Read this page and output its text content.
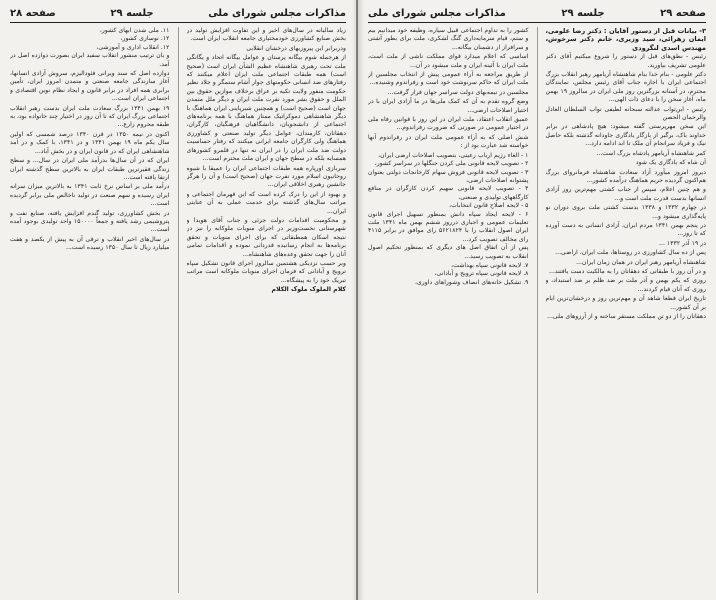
مذاکرات مجلس شورای ملی
جلسه ۲۹
صفحه ۲۸

زیاد سالیانه در سال‌های اخیر و این تفاوت افزایش تولید در بخش صنایع کشاورزی خودمختیاری جامعه انقلاب ایران است.

ودربرابر این پیروزیهای درخشان انقلابی

از هرجمله شوم بیگانه پرستان و عوامل بیگانه اتحاد و یگانگی ملت تحت رهبری شاهنشاه عظیم الشأن ایران است (صحیح است) همه طبقات اجتماعی ملت ایران اعلام میکنند که رفتارهای ضد انسانی حکومتهای جوار آشام ستمگر و جلاد نظیر حکومت منفور ولایت تکیه بر عراق برخلاف موازین حقوق بین الملل و حقوق بشر مورد نفرت ملت ایران و دیگر ملل متمدن جهان است (صحیح است) و همچنین شیرپاینی ایران هماهنگ با دیگر شاهنشاهی دموکراتیک ممتاز هماهنگ با همه برنامه‌های اجتماعی از دانشجویان، دانشگاهیان فرهنگیان، کارگران، دهقانان، کارمندان، عوامل دیگر تولید صنعتی و کشاورزی هماهنگ ولی کارگران جامعه ایرانی میکنند که رفتار حساسیت دولت ضد ملت ایران را در ایران نه تنها در قلمرو کشورهای همسایه بلکه در سطح جهان و ایران ملت محترم است...

سربازی اورپاره همه طبقات اجتماعی ایران را عمیقا با شیوه روحانیون اسلام مورد نفرت جهان (صحیح است) و آن را هرگز جانشین رهبری اخلاقی ایران...

و بهبود از این را درک کرده است که این قهرمان اجتماعی و مراتب سال‌های گذشته برای خدمت عملی به آن عنایتی ایران...

و محکومیت اقدامات دولت جزئی و جناب آقای هویدا و شهرستانی نخست‌وزیر در اجرای منویات ملوکانه را نیز در نتیجه اسکان همطبقاتی که برای اجرای منویات و تحقق برنامه‌ها به انجام رسانیده قدردانی نموده و اقدامات تمامی آنان را جهت تحقق وعده‌های شاهنشاه...

وبر حسب نزدیکی هشتمین سالروز اجرای قانون تشکیل سپاه ترویج و آبادانی که فرمان اجرای منویات ملوکانه است مراتب تبریک خود را به پیشگاه...

کلام الملوک ملوک الکلام

۱۱. ملی شدن آبهای کشور،
۱۲. نوسازی کشور،
۱۲. انقلاب اداری و آموزشی،

و بان ترتیب منشور انقلاب سفید ایران بصورت دوازده اصل در آمد.

دوازده اصل که سند ویرانی فئودالیزم، سروش آزادی انسانها، آغاز سازندگی جامعه صنعتی و متمدن امروز ایران، تأمین برابری همه افراد در برابر قانون و ایجاد نظام نوین اقتصادی و اجتماعی ایران است...

۱۹ بهمن ۱۳۴۱ بزرگ سعادت ملت ایران بدست رهبر انقلاب اجتماعی بزرگ ایران که تا آن روز در اختیار چند خانواده بود، به طبقه محروم زارع...

اکنون در نیمه ۱۳۵۰ در قرن ۱۳۴۰ درصد شمسی که اولین سال یکم ماه ۱۹ بهمن ۱۳۴۱ و در ۱۳۴۱، با کمک و در آمد شاهنشاهی ایران که در قانون ایران و در بخش آباد...

ایران که در آن سال‌ها بدرآمد ملی ایران در سال... و سطح زندگی فقیرترین طبقات ایران به بالاترین سطح گذشته ایران ارتقا یافته است...

درآمد ملی بر اساس نرخ ثابت ۱۳۴۱ به بالاترین میزان سرانه ایران رسیده و سهم صنعت در تولید ناخالص ملی برابر گردیده است...

در بخش کشاورزی، تولید گندم افزایش یافته، صنایع نفت و پتروشیمی رشد یافته و جمعاً ۱۵۰۰۰۰ واحد تولیدی بوجود آمده است...

در سال‌های اخیر انقلاب و ترقی آن به پیش از یکصد و هفت میلیارد ریال تا سال ۱۳۵۰ رسیده است...

صفحه ۲۹
جلسه ۲۹
مذاکرات مجلس شورای ملی

۳- بیانات قبل از دستور آقایان : دکتر رضا علومی، ایمان زهرائی، سید وزیری، خانم دکتر سرخوش، مهندس اسدی لنگرودی

رئیس - نطق‌های قبل از دستور را شروع میکنیم آقای دکتر علومی تشریف بیاورید.

دکتر علومی - بنام خدا بنام شاهنشاه آریامهر رهبر انقلاب بزرگ اجتماعی ایران با اجازه جناب آقای رئیس مجلس، نمایندگان محترم، در آستانه بزرگترین روز ملی ایران در سالروز ۱۹ بهمن ماه، آغاز سخن را با دعای ذات الهی...

رئیس - ابن‌ثواب عدالته سبحانه لطیفی نواب السلطان العادل والرحمان الحصن

این سخن مهرپرستی گفته میشود: هیچ پادشاهی در برابر خداوند باک، برگیر از بازگار یادگاری جاودانه گذشته بلکه حاصل نیک و فریاد سرانجام آن ملک تا ابد ادامه دارد...

کمر شاهنشاه آریامهر پادشاه بزرگ است...

آن شاه که یادگاری یک شود

دیروز امروز میآورد آزاد سعادت شاهنشاه فرمانروای بزرگ هم‌اکنون گردیده حریم هماهنگ درآمده کشور...

و هم چنین اعلام، سپس از جناب کشتی مهم‌ترین روز آزادی انسانها بدست قدرت ملت است و...

در چهارم ۱۳۳۲ و ۱۳۳۸ بدست کشتی ملت بروی دوران نو پایه‌گذاری میشود و...

در پنجم بهمن ۱۳۴۱ مردم ایران، آزادی انسانی به دست آورده که تا روز...

در ۱۹ آذر ۱۳۳۲ ...

پس از ده سال کشاورزی در روستاها، ملت ایران، اراضی...

شاهنشاه آریامهر رهبر ایران در همان زمان ایران...

و در آن روز با طبقاتی که دهقانان را به مالکیت دست یافتند...

روزی که یکم بهمن و آذر ملت بر ضد ظلم بر ضد استبداد، و روزی که آنان قیام کردند...

تاریخ ایران قطعا شاهد آن و مهم‌ترین روز و درخشان‌ترین ایام بر آن کشور...

دهقانان را از دو تن مملکت مستقر ساخته و از آرزوهای ملی...

کشور را به تداوم اجتماعی قبیل سیاره، وظیفه خود میدانیم بیم و ستم، قیام سرمایه‌داری گنگ لشکری، ملت برای بطور آشتی و سرافراز از دشمنان بیگانه...

اساسی که اعلام میدارد قوای مملکت ناشی از ملت است، ملت ایران با آئینه ایران و ملت میشود در آن...

از طریق مراجعه به آراء عمومی پیش از انتخاب مجلسین از ملت ایران که حاکم سرنوشت خود است و رفراندوم وشنیده...

مجلسین در نیمه‌بهای دولت سراسر جهان قرار گرفت...

وضع گروه تقدم به آن که کمک ملی‌ها در ما آزادی ایران با در اختیار اصلاحات ارضی...

عمیق انقلاب اعتقاد، ملت ایران در این روز با قوانین رفاه ملی در اختیار عمومی در صورتی که ضرورت رفراندوم...

شش اصلی که به آراء عمومی ملت ایران در رفراندوم آنها خواسته شد عبارت بود از :

۱ - الغاء رژیم ارباب رعیتی، بتصویب اصلاحات ارضی ایران،
۲ - تصویب لایحه قانونی ملی کردن جنگلها در سراسر کشور،
۳ - تصویب لایحه قانونی فروش سهام کارخانجات دولتی بعنوان پشتوانه اصلاحات ارضی،
۴ - تصویب لایحه قانونی سهیم کردن کارگران در منافع کارگاههای تولیدی و صنعتی،
۵ - لایحه اصلاح قانون انتخابات،
۶ - لایحه ایجاد سپاه دانش بمنظور تسهیل اجرای قانون تعلیمات عمومی و اجباری درروز ششم بهمن ماه ۱۳۴۱ ملت ایران اصول انقلاب را با ۵۶۲۱۸۲۴ رای موافق در برابر ۴۱۱۵ رای مخالف تصویب کرد...

پس از آن اتفاق اصل های دیگری که بمنظور تحکیم اصول انقلاب به تصویب رسید...

۷. لایحه قانونی سپاه بهداشت،
۸. لایحه قانونی سپاه ترویج و آبادانی،
۹. تشکیل خانه‌های انصاف وشوراهای داوری،
